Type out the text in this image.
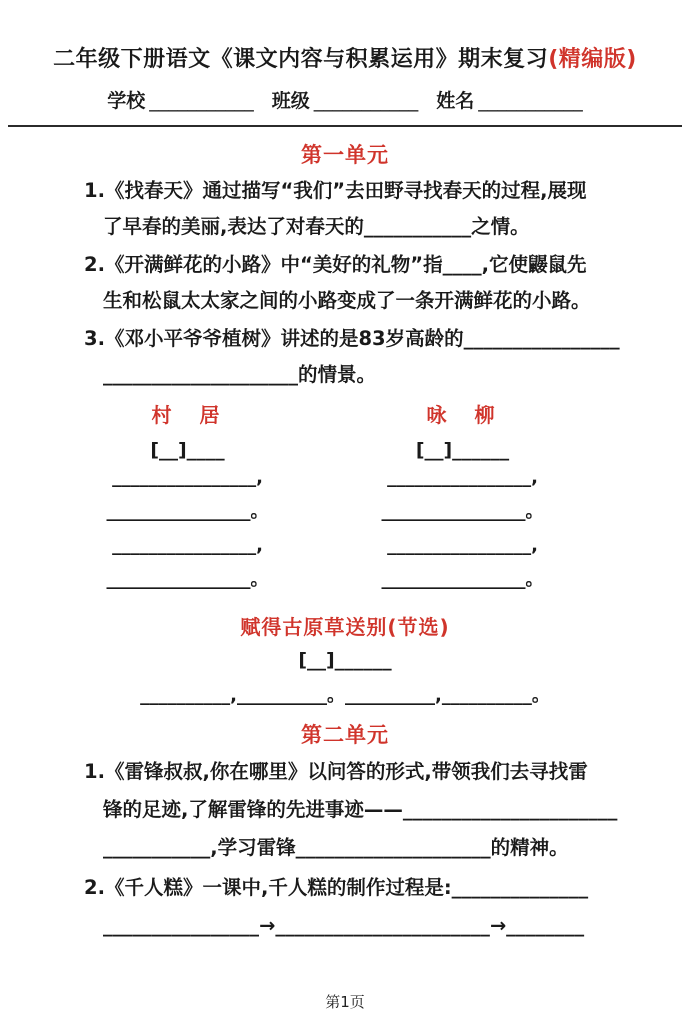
二年级下册语文《课文内容与积累运用》期末复习(精编版)
学校 ___________ 班级 ___________ 姓名 ___________
第一单元
1.《找春天》通过描写“我们”去田野寻找春天的过程,展现
了早春的美丽,表达了对春天的___________之情。
2.《开满鲜花的小路》中“美好的礼物”指____,它使鼹鼠先
生和松鼠太太家之间的小路变成了一条开满鲜花的小路。
3.《邓小平爷爷植树》讲述的是83岁高龄的________________
____________________的情景。
村　居
[__]____
________________,
________________。
________________,
________________。
咏　柳
[__]______
________________,
________________。
________________,
________________。
赋得古原草送别(节选)
[__]______
__________,__________。__________,__________。
第二单元
1.《雷锋叔叔,你在哪里》以问答的形式,带领我们去寻找雷
锋的足迹,了解雷锋的先进事迹——______________________
___________,学习雷锋____________________的精神。
2.《千人糕》一课中,千人糕的制作过程是:______________
________________→______________________→________
第1页
